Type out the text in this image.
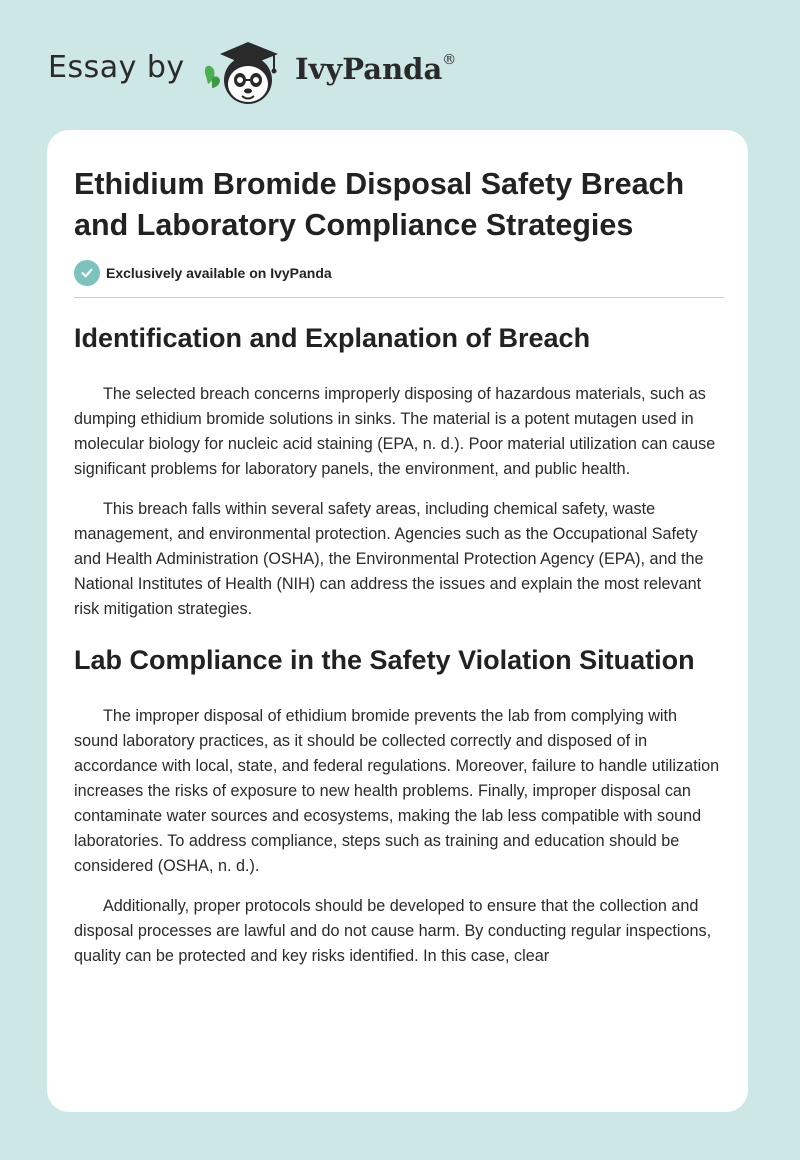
Essay by	IvyPanda®
Ethidium Bromide Disposal Safety Breach and Laboratory Compliance Strategies
Exclusively available on IvyPanda
Identification and Explanation of Breach

The selected breach concerns improperly disposing of hazardous materials, such as dumping ethidium bromide solutions in sinks. The material is a potent mutagen used in molecular biology for nucleic acid staining (EPA, n. d.). Poor material utilization can cause significant problems for laboratory panels, the environment, and public health.

This breach falls within several safety areas, including chemical safety, waste management, and environmental protection. Agencies such as the Occupational Safety and Health Administration (OSHA), the Environmental Protection Agency (EPA), and the National Institutes of Health (NIH) can address the issues and explain the most relevant risk mitigation strategies.

Lab Compliance in the Safety Violation Situation

The improper disposal of ethidium bromide prevents the lab from complying with sound laboratory practices, as it should be collected correctly and disposed of in accordance with local, state, and federal regulations. Moreover, failure to handle utilization increases the risks of exposure to new health problems. Finally, improper disposal can contaminate water sources and ecosystems, making the lab less compatible with sound laboratories. To address compliance, steps such as training and education should be considered (OSHA, n. d.).

Additionally, proper protocols should be developed to ensure that the collection and disposal processes are lawful and do not cause harm. By conducting regular inspections, quality can be protected and key risks identified. In this case, clear
